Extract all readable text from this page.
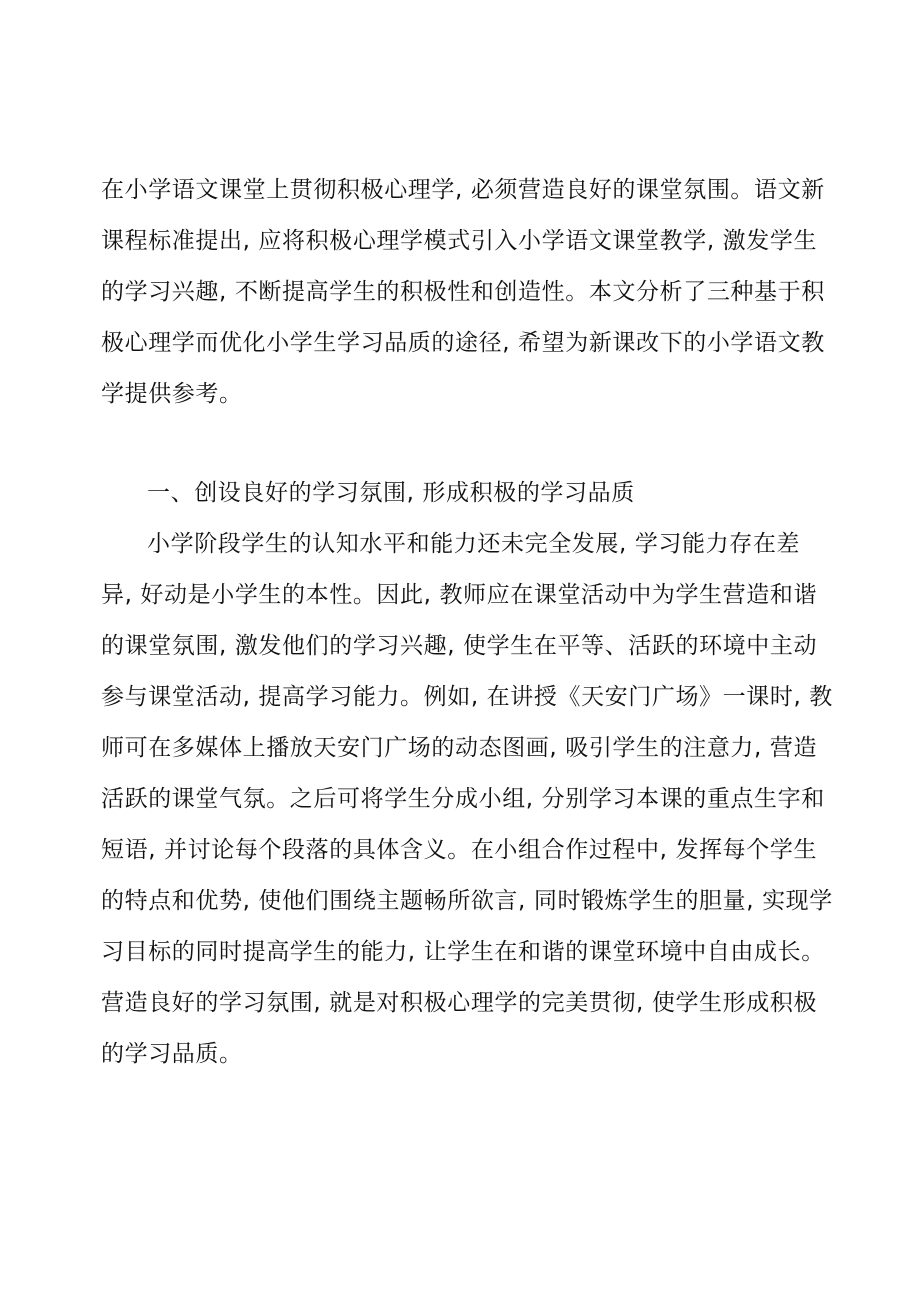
在小学语文课堂上贯彻积极心理学, 必须营造良好的课堂氛围。语文新
课程标准提出, 应将积极心理学模式引入小学语文课堂教学, 激发学生
的学习兴趣, 不断提高学生的积极性和创造性。本文分析了三种基于积
极心理学而优化小学生学习品质的途径, 希望为新课改下的小学语文教
学提供参考。
一、创设良好的学习氛围, 形成积极的学习品质
小学阶段学生的认知水平和能力还未完全发展, 学习能力存在差
异, 好动是小学生的本性。因此, 教师应在课堂活动中为学生营造和谐
的课堂氛围, 激发他们的学习兴趣, 使学生在平等、活跃的环境中主动
参与课堂活动, 提高学习能力。例如, 在讲授《天安门广场》一课时, 教
师可在多媒体上播放天安门广场的动态图画, 吸引学生的注意力, 营造
活跃的课堂气氛。之后可将学生分成小组, 分别学习本课的重点生字和
短语, 并讨论每个段落的具体含义。在小组合作过程中, 发挥每个学生
的特点和优势, 使他们围绕主题畅所欲言, 同时锻炼学生的胆量, 实现学
习目标的同时提高学生的能力, 让学生在和谐的课堂环境中自由成长。
营造良好的学习氛围, 就是对积极心理学的完美贯彻, 使学生形成积极
的学习品质。
